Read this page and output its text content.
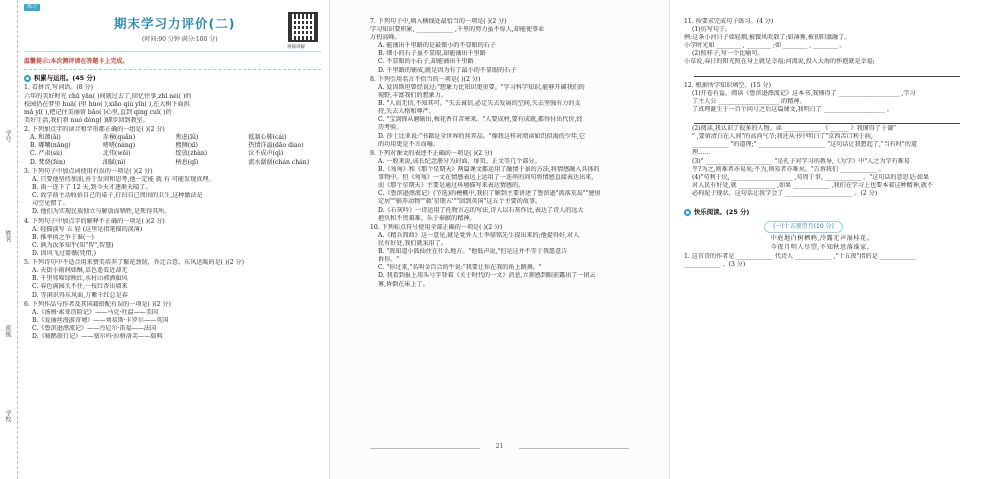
学号
姓名
班级
学校
练习
期末学习力评价(二)
(时间:90 分钟 满分:100 分)
视频讲解
温馨提示:本次测评请在答题卡上完成。
积累与运用。(45 分)
1. 看拼音,写词语。(8 分)
六年的美好时光 chū yǎn( )间就过去了,回忆往事,zhǐ néi( )的
校园仍在梦里 huǎ( )里 hùo( ),xiāo qiú yǐn( ),在大树下面拱
mǎ yǐ( ),把记住美丽留 bǎo( )心里,直到 qíng cuī( )的
美好生活,我们将 nuó dòng( )脚步回到教室。
2. 下列加点字的读音和字形都正确的一组是( )(2 分)
A. 和蔼(ǎi)	赤裸(quǎn)	焦虑(lǜ)	抵制心肺(cái)
B. 嘟囔(nāng)	嗜嗜(náng)	熙侧(xī)	热情洋溢(dāo diao)
C. 严肃(sù)	北伟(wēi)	绽放(zhàn)	泣不成声(qì)
D. 焚烧(fén)	油腻(nì)	柄息(qī)	流水潺潺(chán chán)
3. 下列句子中加点词使用有误的一项是( )(2 分)
A. 只要他坚持加油,善于发问和思考,他一定能 就 有 可能发现真理。
B. 雨一连下了 12 天,到今天才逐渐天晴了。
C. 故学前主动收拾自己的桌子,打扫自己周围的卫生,这种做法是
司空见惯了。
D. 他们为实现民族独立与解放而牺牲,是死得其所。
4. 下列句子中加点字的解释不正确的一项是( )(2 分)
A. 轻描淡写 五 轻 (这里是指笔描的淡薄)
B. 推率执之争于谁(一)
C. 孰为汝多知乎(知"智",智慧)
D. 因风飞过蔷薇(凭借,)
5. 下列诗句中不适合用来赞美培养了繁花劲韧、乔迁合意、东风送暖的是( )(2 分)
A. 天街小雨润如酥,草色遥看近却无
B. 千里莺啼绿映红,水村山郭酒旗风
C. 春色满园关不住,一枝红杏出墙来
D. 等闲识得东风面,万紫千红总是春
6. 下列作品与作者及其国籍搭配有误的一项是( )(2 分)
A.《汤姆·索亚历险记》——马克·吐温——美国
B.《爱丽丝漫游奇境》——刘易斯·卡罗尔——英国
C.《鲁滨逊漂流记》——丹尼尔·笛福——法国
D.《骑鹅旅行记》——塞尔玛·拉格洛芙——瑞典
7. 下列句子中,填入横线处最恰当的一项是( )(2 分)
学习知识要积累, ____________ ,千里的努力虽不惊人,却能使事业
万仞高峰。
A. 能铺出千里路的是最微小的不显眼的石子
B. 细小的石子虽不显眼,却能铺出千里路
C. 不显眼的小石子,却能铺出千里路
D. 千里路的铺成,就是因为有了最小的不显眼的石子
8. 下列引用名言不恰当的一项是( )(2 分)
A. 爱因斯坦曾经说过:"想象力比知识更重要。"学习科学知识,能够开阔我们的
视野,丰富我们的想象力。
B. "人而无信,不知其可。"失去诚信,必定失去发展的空间,失去坚强有力的支
持,失去人格和尊严。
C. "宝剑锋从磨砺出,梅花香自苦寒来。"人要成材,要有成就,都得付出代价,经
历考验。
D. 莎士比亚说:"书籍是全世界的营养品。"像我这样对阅读如饥似渴的少年,它
的功用更是不言而喻。
9. 下列对课文的表述不正确的一项是( )(2 分)
A. 一般来说,成长纪念册分为封面、扉页、正文等几个部分。
B.《匆匆》和《那个星期天》两篇课文都运用了融情于景的方法,将情感融入具体的
事物中。但《匆匆》一文在情感表达上运用了一连串的问句将情感直接表达出来,
而《那个星期天》主要是通过环境描写来表达情感的。
C.《鲁滨逊漂流记》(节选)的梗概中,我们了解到主要讲述了鲁滨逊"流落荒岛""建房
定居""驯养动物""救'星期五'""回到英国"这五个主要的故事。
D.《石灰吟》一诗运用了托物言志的写法,诗人以石灰作比,表达了诗人的远大
抱负和不畏艰难、乐于奉献的精神。
10. 下列标点符号使用全部正确的一项是( )(2 分)
A.《精兵简政》这一意见,就是党外人士李鼎铭先生提出来的;他提得好,对人
民有好处,我们就采用了。
B. "我知道小狐仙住在什么地方。"他低声说,"但是这并不等于我愿意告
诉你。"
C. "你过来,"名叫金百合的牛说:"我要让你在我的角上跳舞。"
D. 我看到报上用头号字登着《关于时代的一文》消息,立刻感到眼前露出了一团云
雾,昏倒在床上了。
21
11. 按要求完成句子练习。(4 分)
(1)仿写句子。
例:这条小河日子如轻烟,被微风吹散了;如薄雾,被初阳蒸融了。
小学时光如 ________ , ________ ;如 ________ , ________ 。
(2)照样子,写一个比喻句。
小草说,春日的阳光照在身上就是幸福;河流说,投入大海的怀抱就是幸福;
12. 根据所学知识填空。(15 分)
(1)开卷有益。阅读《鲁滨逊漂流记》这本书,我懂得了 ____________________ ,学习
了主人公 ____________________ 的精神。
了真理诞生于一百个问号之后这篇课文,我明白了 ____________________ 。
(2)阅读,我认识了很多的人物。读 ____________ 《 ______ 》我懂得了于谦"
" ,要留清白在人间"的高尚气节;我还从书中明白了"京西苦口利于病,
____________ "的道理;" ______________________ "这句话让我想起了,"当有时"的道
理……
(3)" ______________________ "是孔子对学习的教导,《为学》中"人之为学有难易
乎?为之,则难者亦易矣;不为,则易者亦难矣。"告诉我们 ____________ 。
(4)"苟利于民, ____________________ ,苟周于事, ____________ 。"这句话的意思是:如果
对人民有好处,就 ____________ ,如果 ____________ ,我们在学习上也要本着这种精神,就不
必拘泥于现状。这句话让我学会了 ______________________ 。(2 分)
快乐阅读。(25 分)
(一)十五夜望月(10 分)
中庭地白树栖鸦,冷露无声湿桂花。
今夜月明人尽望,不知秋思落谁家。
1. 这首诗的作者是 ____________ 代诗人 ____________ ,"十五夜"指的是 ____________
____________ 。(3 分)
